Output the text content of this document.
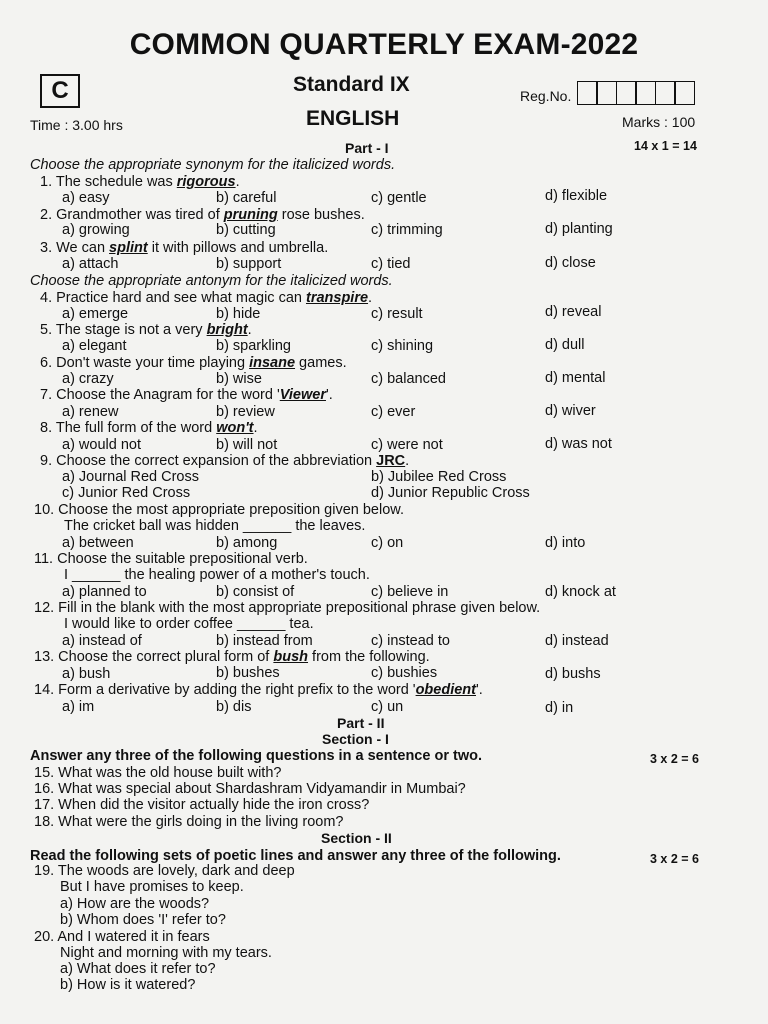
COMMON QUARTERLY EXAM-2022
C	Standard IX
ENGLISH
Time : 3.00 hrs
Reg.No.
Marks : 100
Part - I	14 x 1 = 14
Choose the appropriate synonym for the italicized words.
1. The schedule was rigorous.
a) easy	b) careful	c) gentle	d) flexible
2. Grandmother was tired of pruning rose bushes.
a) growing	b) cutting	c) trimming	d) planting
3. We can splint it with pillows and umbrella.
a) attach	b) support	c) tied	d) close
4. Practice hard and see what magic can transpire.
a) emerge	b) hide	c) result	d) reveal
5. The stage is not a very bright.
a) elegant	b) sparkling	c) shining	d) dull
6. Don't waste your time playing insane games.
a) crazy	b) wise	c) balanced	d) mental
7. Choose the Anagram for the word 'Viewer'.
a) renew	b) review	c) ever	d) wiver
8. The full form of the word won't.
a) would not	b) will not	c) were not	d) was not
Choose the appropriate antonym for the italicized words.
9. Choose the correct expansion of the abbreviation JRC.
a) Journal Red Cross	b) Jubilee Red Cross
c) Junior Red Cross	d) Junior Republic Cross
10. Choose the most appropriate preposition given below.
The cricket ball was hidden ______ the leaves.
a) between	b) among	c) on	d) into
11. Choose the suitable prepositional verb.
I ______ the healing power of a mother's touch.
a) planned to	b) consist of	c) believe in	d) knock at
12. Fill in the blank with the most appropriate prepositional phrase given below.
I would like to order coffee ______ tea.
a) instead of	b) instead from	c) instead to	d) instead
13. Choose the correct plural form of bush from the following.
a) bush	b) bushes	c) bushies	d) bushs
14. Form a derivative by adding the right prefix to the word 'obedient'.
a) im	b) dis	c) un	d) in
Part - II
Section - I
Answer any three of the following questions in a sentence or two.	3 x 2 = 6
15. What was the old house built with?
16. What was special about Shardashram Vidyamandir in Mumbai?
17. When did the visitor actually hide the iron cross?
18. What were the girls doing in the living room?
Section - II
Read the following sets of poetic lines and answer any three of the following.	3 x 2 = 6
19. The woods are lovely, dark and deep
But I have promises to keep.
a) How are the woods?
b) Whom does 'I' refer to?
20. And I watered it in fears
Night and morning with my tears.
a) What does it refer to?
b) How is it watered?
